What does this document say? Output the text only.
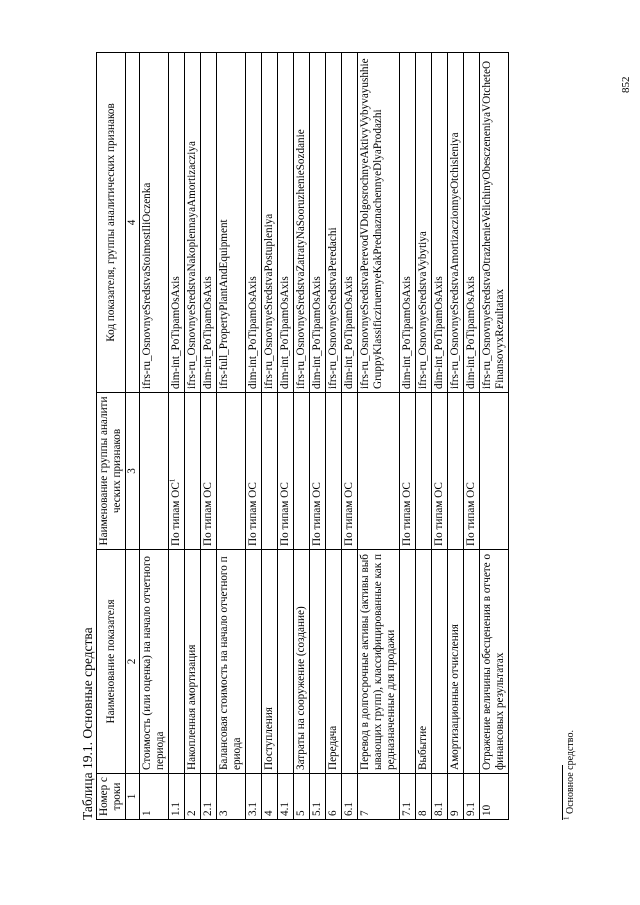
Таблица 19.1. Основные средства Номер строки	Наименование показателя	Наименование группы аналитических признаков	Код показателя, группы аналитических признаков
1	2	3	4
1	Стоимость (или оценка) на начало отчетного периода		ifrs-ru_OsnovnyeSredstvaStoimostIliOczenka
1.1		По типам $ОС^1$	dim-int_PoTipamOsAxis
2	Накопленная амортизация		ifrs-ru_OsnovnyeSredstvaNakoplennayaAmortizacziya
2.1		По типам ОС	dim-int_PoTipamOsAxis
3	Балансовая стоимость на начало отчетного периода		ifrs-full_PropertyPlantAndEquipment
3.1		По типам ОС	dim-int_PoTipamOsAxis
4	Поступления		ifrs-ru_OsnovnyeSredstvaPostupleniya
4.1		По типам ОС	dim-int_PoTipamOsAxis
5	Затраты на сооружение (создание)		ifrs-ru_OsnovnyeSredstvaZatratyNaSooruzhenieSozdanie
5.1		По типам ОС	dim-int_PoTipamOsAxis
6	Передача		ifrs-ru_OsnovnyeSredstvaPeredachi
6.1		По типам ОС	dim-int_PoTipamOsAxis
7	Перевод в долгосрочные активы (активы выбывающих групп), классифицированные как предназначенные для продажи		ifrs-ru_OsnovnyeSredstvaPerevodVDolgosrochnyeAktivyVybyvayushhieGruppyKlassificziruemyeKakPrednaznachennyeDlyaProdazhi
7.1		По типам ОС	dim-int_PoTipamOsAxis
8	Выбытие		ifrs-ru_OsnovnyeSredstvaVybytiya
8.1		По типам ОС	dim-int_PoTipamOsAxis
9	Амортизационные отчисления		ifrs-ru_OsnovnyeSredstvaAmortizaczionnyeOtchisleniya
9.1		По типам ОС	dim-int_PoTipamOsAxis
10	Отражение величины обесценения в отчете о финансовых результатах		ifrs-ru_OsnovnyeSredstvaOtrazhenieVelichinyObesczeneniyaVOtcheteOFinansovyxRezultatax
$^1$ Основное средство.
852
